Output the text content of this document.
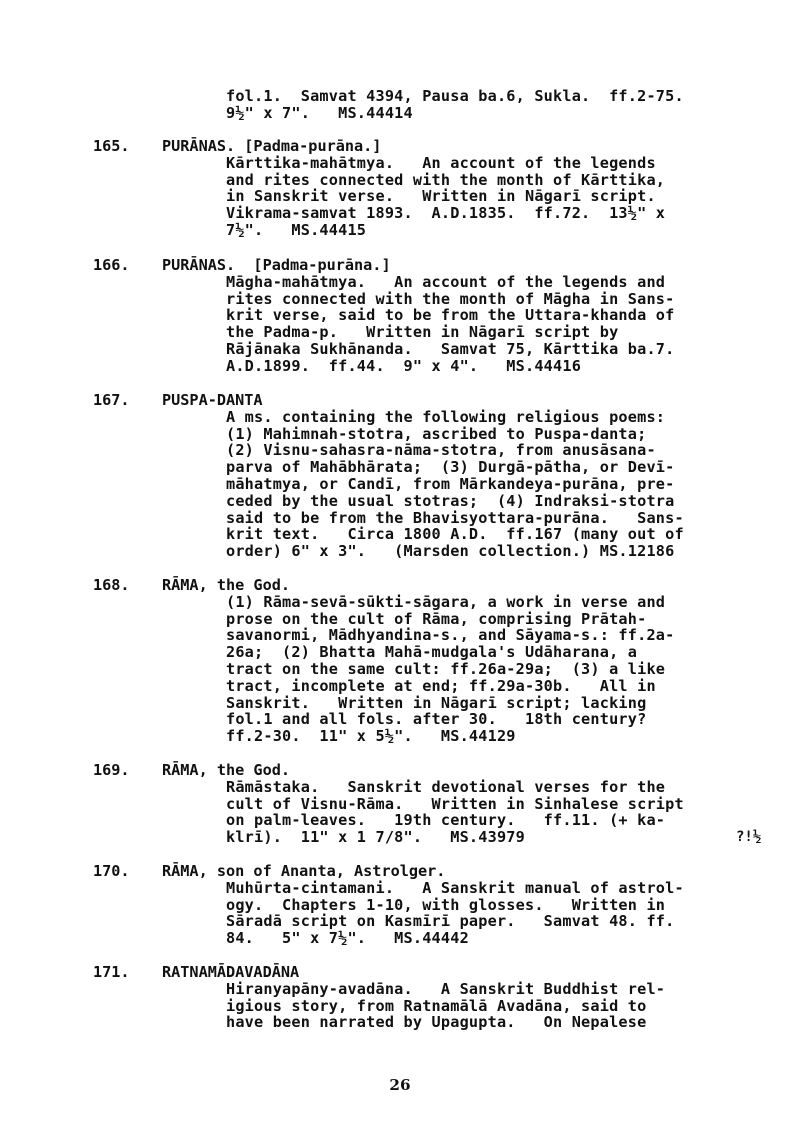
fol.1.  Samvat 4394, Pausa ba.6, Sukla.  ff.2-75.
9½" x 7".   MS.44414
165. PURĀNAS. [Padma-purāna.]
Kārttika-mahātmya.   An account of the legends
and rites connected with the month of Kārttika,
in Sanskrit verse.   Written in Nāgarī script.
Vikrama-samvat 1893.  A.D.1835.  ff.72.  13½" x
7½".   MS.44415
166. PURĀNAS.  [Padma-purāna.]
Māgha-mahātmya.   An account of the legends and
rites connected with the month of Māgha in Sans-
krit verse, said to be from the Uttara-khanda of
the Padma-p.   Written in Nāgarī script by
Rājānaka Sukhānanda.   Samvat 75, Kārttika ba.7.
A.D.1899.  ff.44.  9" x 4".   MS.44416
167. PUSPA-DANTA
A ms. containing the following religious poems:
(1) Mahimnah-stotra, ascribed to Puspa-danta;
(2) Visnu-sahasra-nāma-stotra, from anusāsana-
parva of Mahābhārata;  (3) Durgā-pātha, or Devī-
māhatmya, or Candī, from Mārkandeya-purāna, pre-
ceded by the usual stotras;  (4) Indraksi-stotra
said to be from the Bhavisyottara-purāna.   Sans-
krit text.   Circa 1800 A.D.  ff.167 (many out of
order) 6" x 3".   (Marsden collection.) MS.12186
168. RĀMA, the God.
(1) Rāma-sevā-sūkti-sāgara, a work in verse and
prose on the cult of Rāma, comprising Prātah-
savanormi, Mādhyandina-s., and Sāyama-s.: ff.2a-
26a;  (2) Bhatta Mahā-mudgala's Udāharana, a
tract on the same cult: ff.26a-29a;  (3) a like
tract, incomplete at end; ff.29a-30b.   All in
Sanskrit.   Written in Nāgarī script; lacking
fol.1 and all fols. after 30.   18th century?
ff.2-30.  11" x 5½".   MS.44129
169. RĀMA, the God.
Rāmāstaka.   Sanskrit devotional verses for the
cult of Visnu-Rāma.   Written in Sinhalese script
on palm-leaves.   19th century.   ff.11. (+ ka-
klrī).  11" x 1 7/8".   MS.43979	?!½
170. RĀMA, son of Ananta, Astrolger.
Muhūrta-cintamani.   A Sanskrit manual of astrol-
ogy.  Chapters 1-10, with glosses.   Written in
Sāradā script on Kasmīrī paper.   Samvat 48. ff.
84.   5" x 7½".   MS.44442
171. RATNAMĀDAVADĀNA
Hiranyapāny-avadāna.   A Sanskrit Buddhist rel-
igious story, from Ratnamālā Avadāna, said to
have been narrated by Upagupta.   On Nepalese
26
